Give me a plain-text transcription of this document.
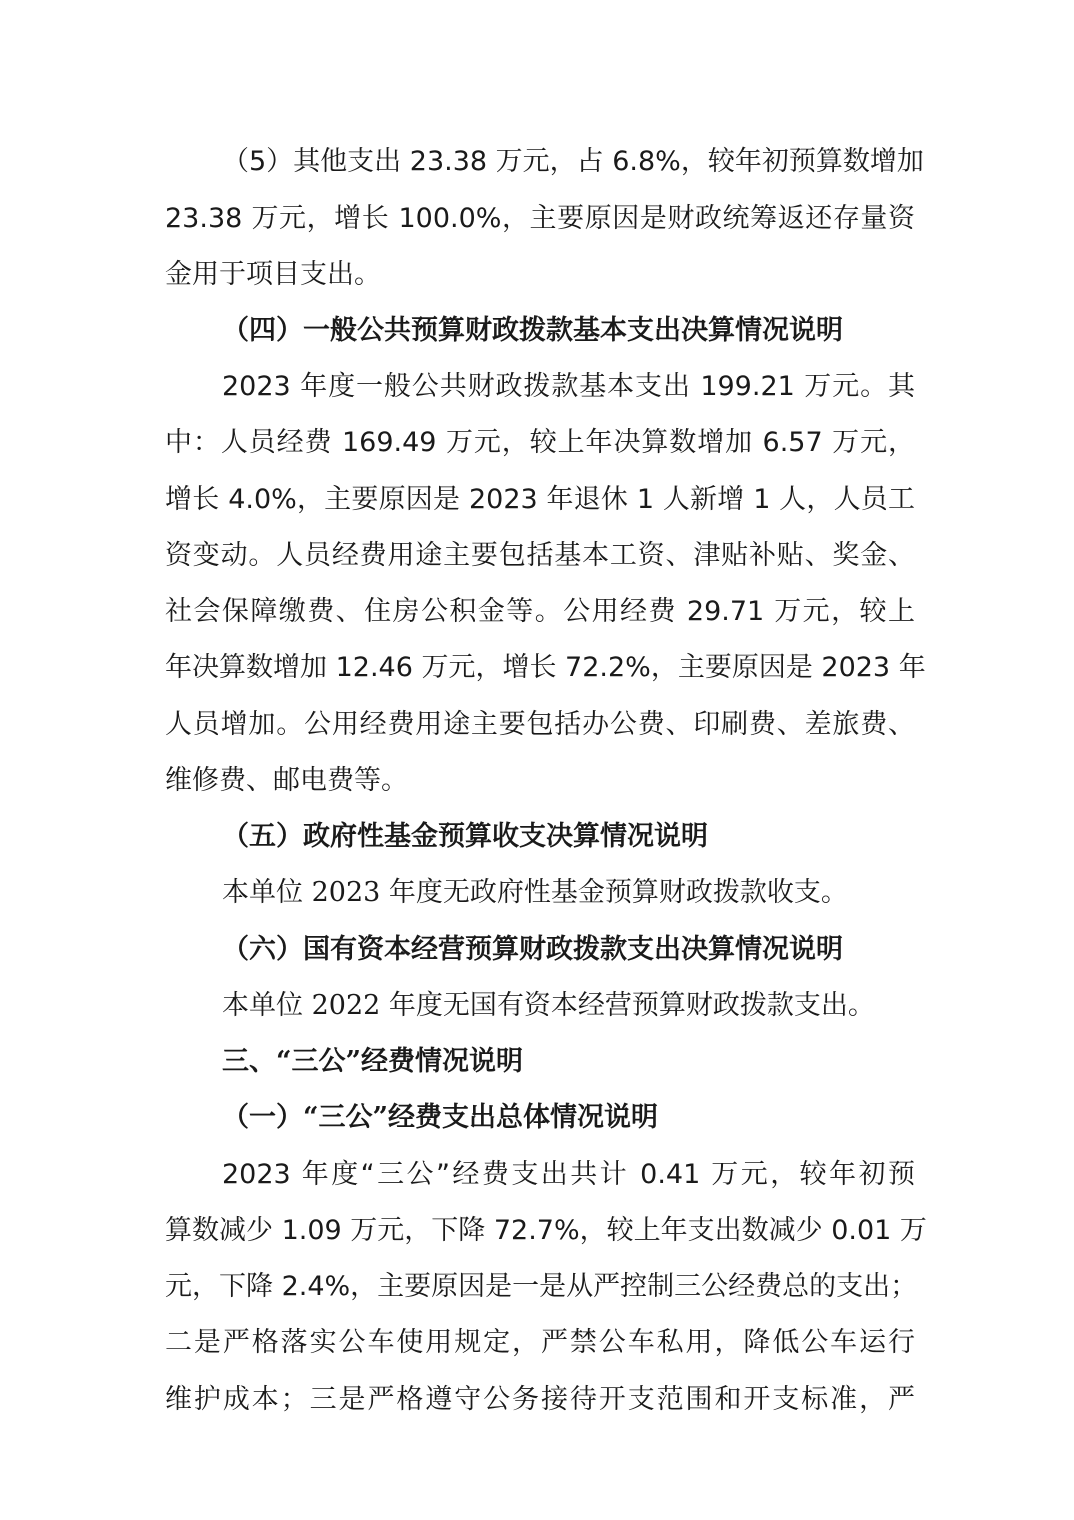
（5）其他支出 23.38 万元，占 6.8%，较年初预算数增加

23.38 万元，增长 100.0%，主要原因是财政统筹返还存量资

金用于项目支出。

（四）一般公共预算财政拨款基本支出决算情况说明

2023 年度一般公共财政拨款基本支出 199.21 万元。其

中：人员经费 169.49 万元，较上年决算数增加 6.57 万元，

增长 4.0%，主要原因是 2023 年退休 1 人新增 1 人，人员工

资变动。人员经费用途主要包括基本工资、津贴补贴、奖金、

社会保障缴费、住房公积金等。公用经费 29.71 万元，较上

年决算数增加 12.46 万元，增长 72.2%，主要原因是 2023 年

人员增加。公用经费用途主要包括办公费、印刷费、差旅费、

维修费、邮电费等。

（五）政府性基金预算收支决算情况说明

本单位 2023 年度无政府性基金预算财政拨款收支。

（六）国有资本经营预算财政拨款支出决算情况说明

本单位 2022 年度无国有资本经营预算财政拨款支出。

三、“三公”经费情况说明

（一）“三公”经费支出总体情况说明

2023 年度“三公”经费支出共计 0.41 万元，较年初预

算数减少 1.09 万元，下降 72.7%，较上年支出数减少 0.01 万

元，下降 2.4%，主要原因是一是从严控制三公经费总的支出；

二是严格落实公车使用规定，严禁公车私用，降低公车运行

维护成本；三是严格遵守公务接待开支范围和开支标准，严
